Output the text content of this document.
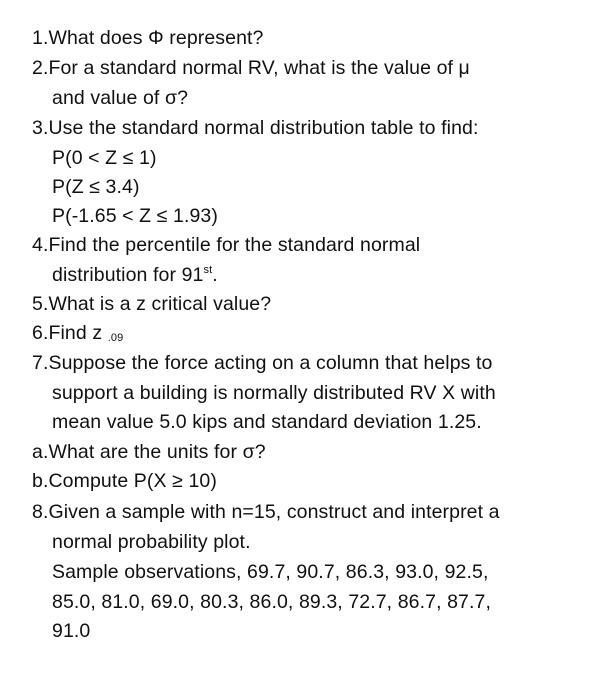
1.What does Φ represent?
2.For a standard normal RV, what is the value of μ
and value of σ?
3.Use the standard normal distribution table to find:
P(0 < Z ≤ 1)
P(Z ≤ 3.4)
P(-1.65 < Z ≤ 1.93)
4.Find the percentile for the standard normal
distribution for 91st.
5.What is a z critical value?
6.Find z $_{.09}$
7.Suppose the force acting on a column that helps to
support a building is normally distributed RV X with
mean value 5.0 kips and standard deviation 1.25.
a.What are the units for σ?
b.Compute P(X ≥ 10)
8.Given a sample with n=15, construct and interpret a
normal probability plot.
Sample observations, 69.7, 90.7, 86.3, 93.0, 92.5,
85.0, 81.0, 69.0, 80.3, 86.0, 89.3, 72.7, 86.7, 87.7,
91.0
